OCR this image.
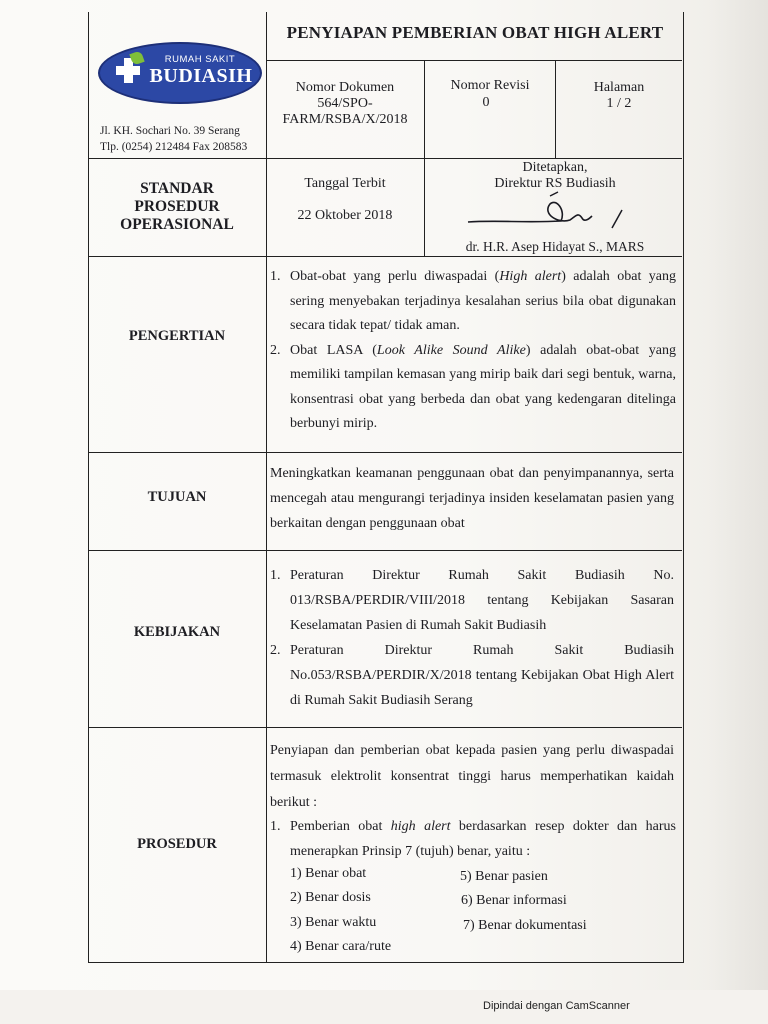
RUMAH SAKIT
BUDIASIH
Jl. KH. Sochari No. 39 Serang
Tlp. (0254) 212484 Fax 208583
PENYIAPAN PEMBERIAN OBAT HIGH ALERT
Nomor Dokumen
564/SPO-
FARM/RSBA/X/2018
Nomor Revisi
0
Halaman
1 / 2
STANDAR
PROSEDUR
OPERASIONAL
Tanggal Terbit
22 Oktober 2018
Ditetapkan,
Direktur RS Budiasih
dr. H.R. Asep Hidayat S., MARS
PENGERTIAN
1. Obat-obat yang perlu diwaspadai (High alert) adalah obat yang sering menyebakan terjadinya kesalahan serius bila obat digunakan secara tidak tepat/ tidak aman.
2. Obat LASA (Look Alike Sound Alike) adalah obat-obat yang memiliki tampilan kemasan yang mirip baik dari segi bentuk, warna, konsentrasi obat yang berbeda dan obat yang kedengaran ditelinga berbunyi mirip.
TUJUAN
Meningkatkan keamanan penggunaan obat dan penyimpanannya, serta mencegah atau mengurangi terjadinya insiden keselamatan pasien yang berkaitan dengan penggunaan obat
KEBIJAKAN
1. Peraturan Direktur Rumah Sakit Budiasih No. 013/RSBA/PERDIR/VIII/2018 tentang Kebijakan Sasaran Keselamatan Pasien di Rumah Sakit Budiasih
2. Peraturan Direktur Rumah Sakit Budiasih No.053/RSBA/PERDIR/X/2018 tentang Kebijakan Obat High Alert di Rumah Sakit Budiasih Serang
PROSEDUR
Penyiapan dan pemberian obat kepada pasien yang perlu diwaspadai termasuk elektrolit konsentrat tinggi harus memperhatikan kaidah berikut :
1. Pemberian obat high alert berdasarkan resep dokter dan harus menerapkan Prinsip 7 (tujuh) benar, yaitu :
1) Benar obat
2) Benar dosis
3) Benar waktu
4) Benar cara/rute
5) Benar pasien
6) Benar informasi
7) Benar dokumentasi
Dipindai dengan CamScanner
